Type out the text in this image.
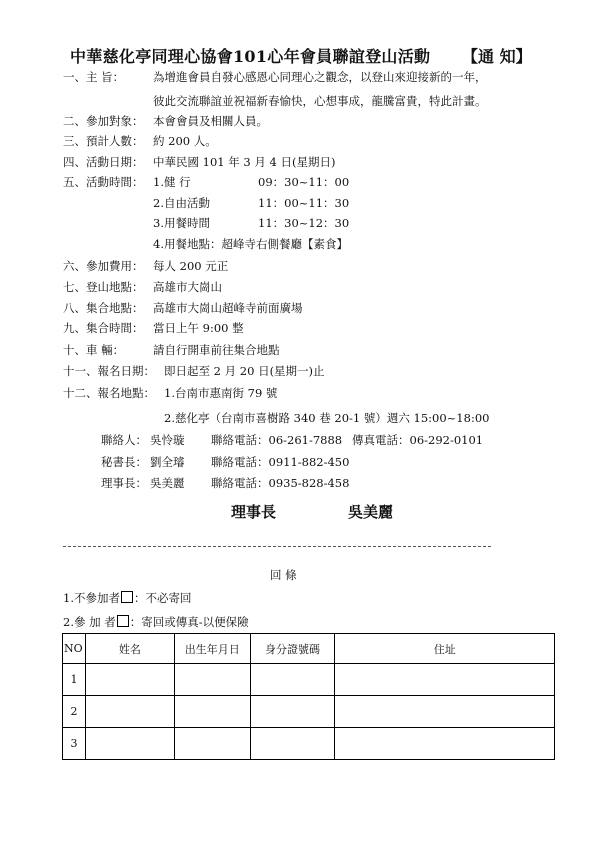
中華慈化亭同理心協會101心年會員聯誼登山活動 【通 知】
一、主 旨：	為增進會員自發心感恩心同理心之觀念，以登山來迎接新的一年，
彼此交流聯誼並祝福新春愉快，心想事成，龍騰富貴，特此計畫。
二、參加對象： 本會會員及相關人員。
三、預計人數： 約 200 人。
四、活動日期： 中華民國 101 年 3 月 4 日(星期日)
五、活動時間： 1.健 行	09：30~11：00
2.自由活動	11：00~11：30
3.用餐時間	11：30~12：30
4.用餐地點：超峰寺右側餐廳【素食】
六、參加費用： 每人 200 元正
七、登山地點： 高雄市大崗山
八、集合地點： 高雄市大崗山超峰寺前面廣場
九、集合時間： 當日上午 9:00 整
十、車 輛：	請自行開車前往集合地點
十一、報名日期： 即日起至 2 月 20 日(星期一)止
十二、報名地點： 1.台南市惠南街 79 號
2.慈化亭（台南市喜樹路 340 巷 20-1 號）週六 15:00~18:00
聯絡人： 吳怜璇 聯絡電話：06-261-7888 傳真電話：06-292-0101
秘書長： 劉全璿 聯絡電話：0911-882-450
理事長： 吳美麗 聯絡電話：0935-828-458
理事長	吳美麗
回 條
1.不參加者 ：不必寄回
2.參 加 者 ：寄回或傳真-以便保險
NO	姓名	出生年月日	身分證號碼	住址
1				
2				
3				
